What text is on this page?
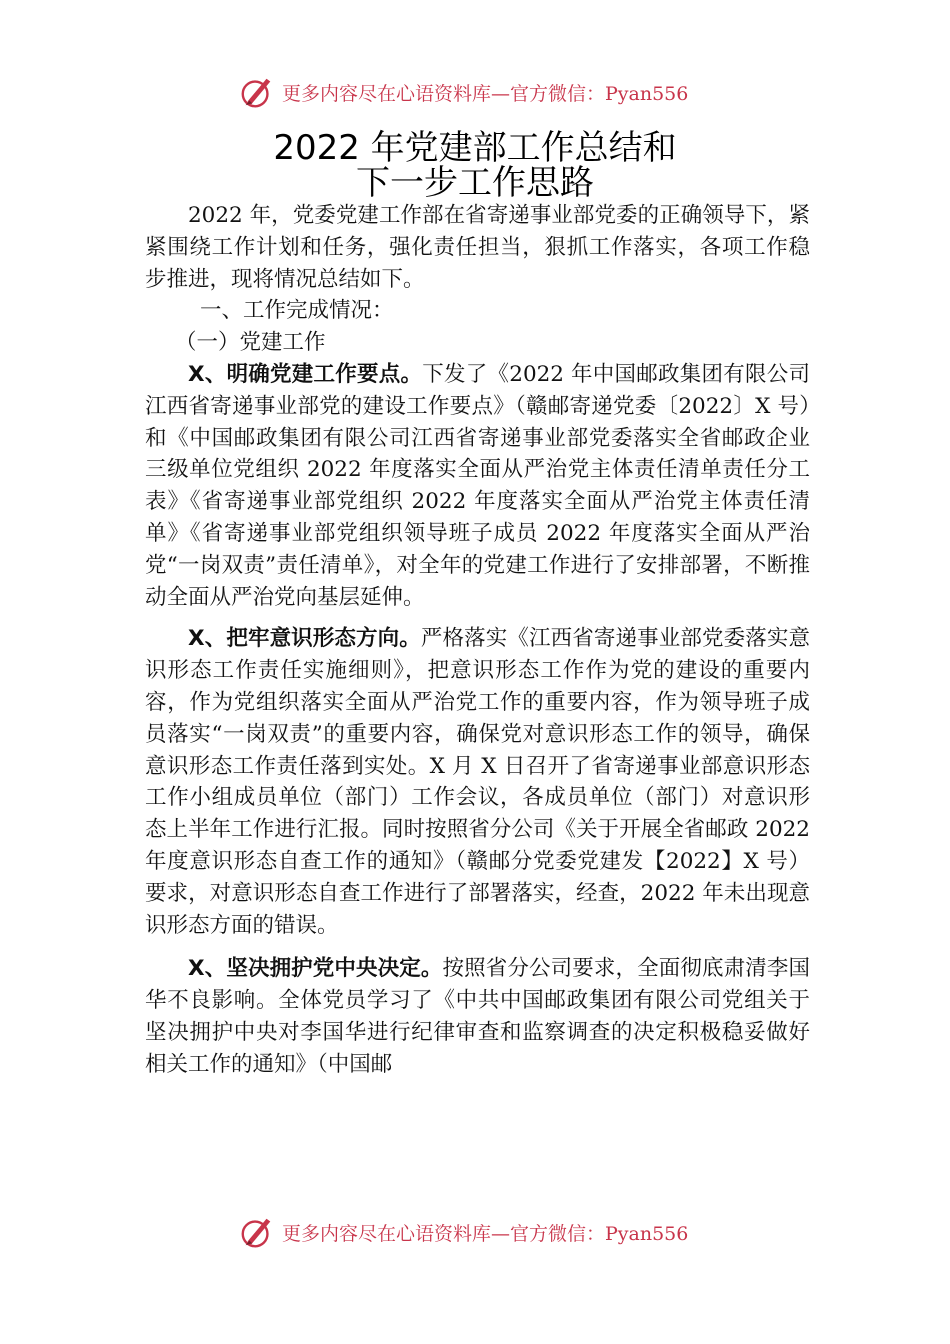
更多内容尽在心语资料库—官方微信：Pyan556
2022 年党建部工作总结和
下一步工作思路

2022 年，党委党建工作部在省寄递事业部党委的正确领导下，紧紧围绕工作计划和任务，强化责任担当，狠抓工作落实，各项工作稳步推进，现将情况总结如下。

一、工作完成情况：

（一）党建工作

X、明确党建工作要点。下发了《2022 年中国邮政集团有限公司江西省寄递事业部党的建设工作要点》（赣邮寄递党委〔2022〕X 号）和《中国邮政集团有限公司江西省寄递事业部党委落实全省邮政企业三级单位党组织 2022 年度落实全面从严治党主体责任清单责任分工表》《省寄递事业部党组织 2022 年度落实全面从严治党主体责任清单》《省寄递事业部党组织领导班子成员 2022 年度落实全面从严治党“一岗双责”责任清单》，对全年的党建工作进行了安排部署，不断推动全面从严治党向基层延伸。

X、把牢意识形态方向。严格落实《江西省寄递事业部党委落实意识形态工作责任实施细则》，把意识形态工作作为党的建设的重要内容，作为党组织落实全面从严治党工作的重要内容，作为领导班子成员落实“一岗双责”的重要内容，确保党对意识形态工作的领导，确保意识形态工作责任落到实处。X 月 X 日召开了省寄递事业部意识形态工作小组成员单位（部门）工作会议，各成员单位（部门）对意识形态上半年工作进行汇报。同时按照省分公司《关于开展全省邮政 2022 年度意识形态自查工作的通知》（赣邮分党委党建发【2022】X 号）要求，对意识形态自查工作进行了部署落实，经查，2022 年未出现意识形态方面的错误。

X、坚决拥护党中央决定。按照省分公司要求，全面彻底肃清李国华不良影响。全体党员学习了《中共中国邮政集团有限公司党组关于坚决拥护中央对李国华进行纪律审查和监察调查的决定积极稳妥做好相关工作的通知》（中国邮

更多内容尽在心语资料库—官方微信：Pyan556
